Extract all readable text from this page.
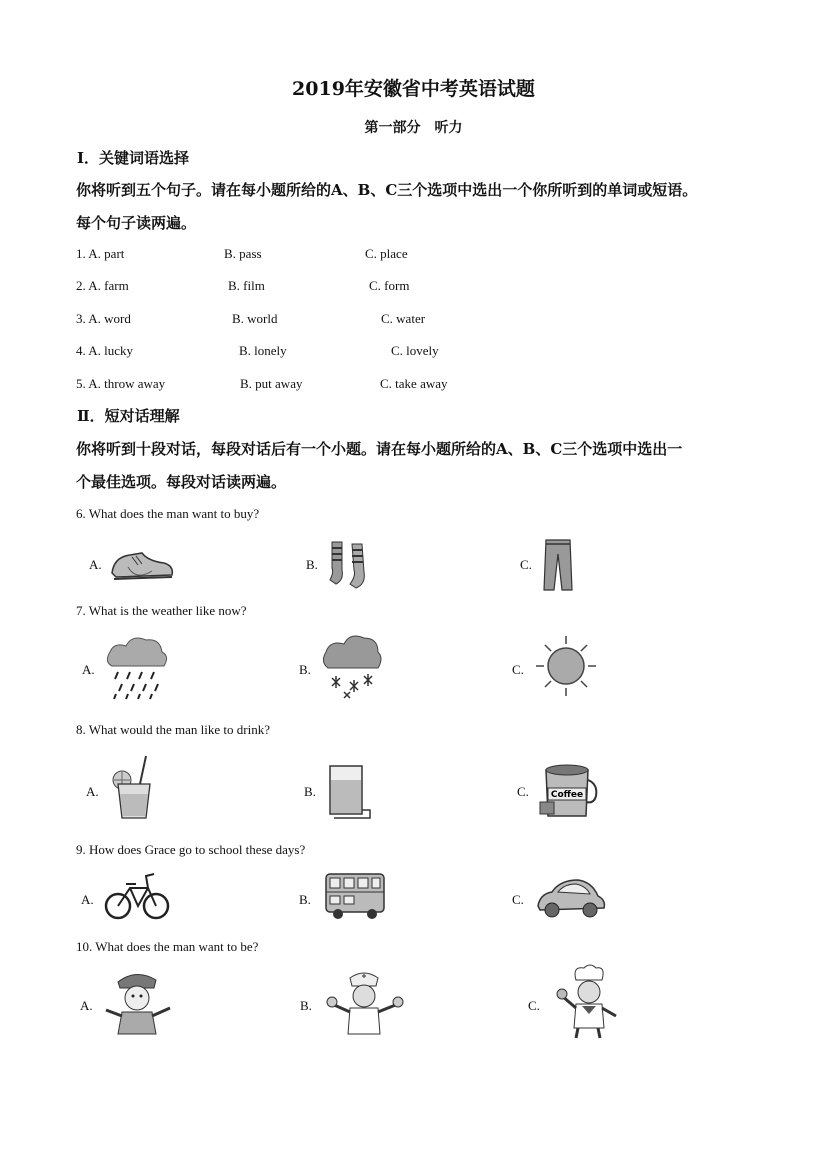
2019年安徽省中考英语试题
第一部分　听力
I．关键词语选择
你将听到五个句子。请在每小题所给的A、B、C三个选项中选出一个你所听到的单词或短语。
每个句子读两遍。
1. A. part	B. pass	C. place
2. A. farm	B. film	C. form
3. A. word	B. world	C. water
4. A. lucky	B. lonely	C. lovely
5. A. throw away	B. put away	C. take away
Ⅱ．短对话理解
你将听到十段对话，每段对话后有一个小题。请在每小题所给的A、B、C三个选项中选出一
个最佳选项。每段对话读两遍。
6. What does the man want to buy?
A.	B.	C.
7. What is the weather like now?
A.	B.	C.
8. What would the man like to drink?
A.	B.	C. Coffee
9. How does Grace go to school these days?
A.	B.	C.
10. What does the man want to be?
A.	B.	C.
